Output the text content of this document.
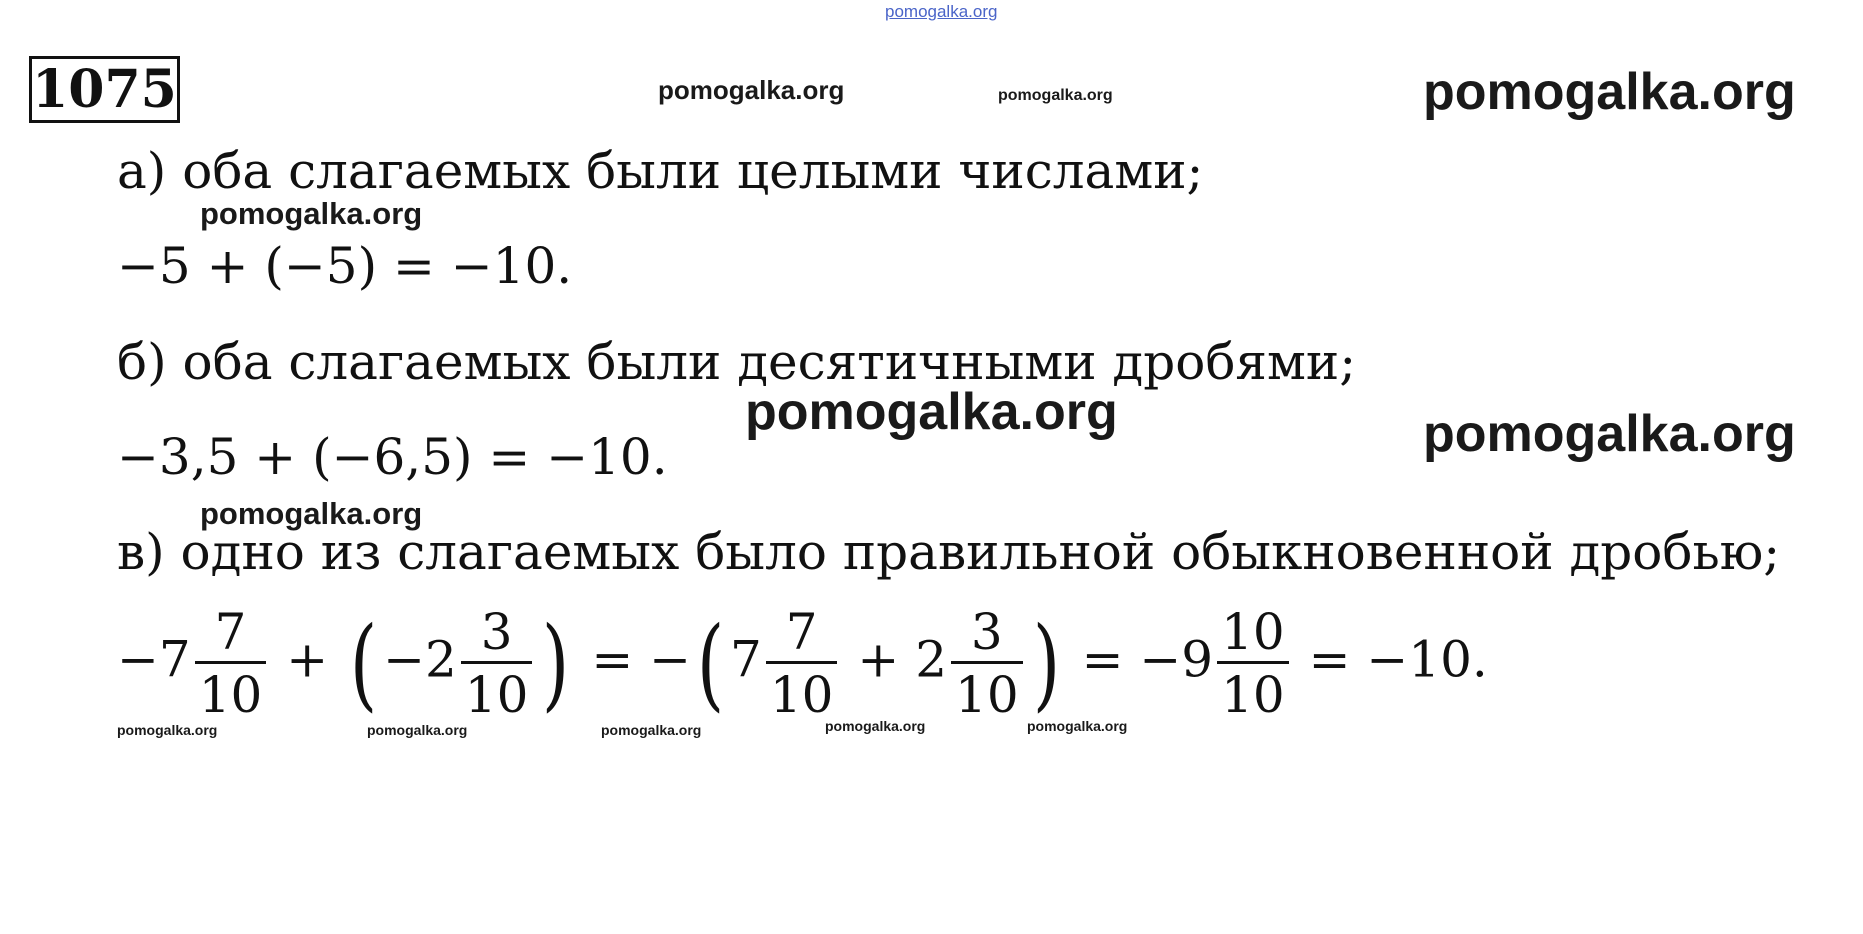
pomogalka.org
pomogalka.org	pomogalka.org	pomogalka.org
1075
а) оба слагаемых были целыми числами;
pomogalka.org
−5 + (−5) = −10.
б) оба слагаемых были десятичными дробями;
pomogalka.org	pomogalka.org
−3,5 + (−6,5) = −10.
pomogalka.org
в) одно из слагаемых было правильной обыкновенной дробью;
$-7 \frac{7}{10}$ + ( $-2 \frac{3}{10}$ ) = −( $7 \frac{7}{10} + 2 \frac{3}{10}$ ) = $-9 \frac{10}{10} = -10$.
pomogalka.org	pomogalka.org	pomogalka.org	pomogalka.org	pomogalka.org
